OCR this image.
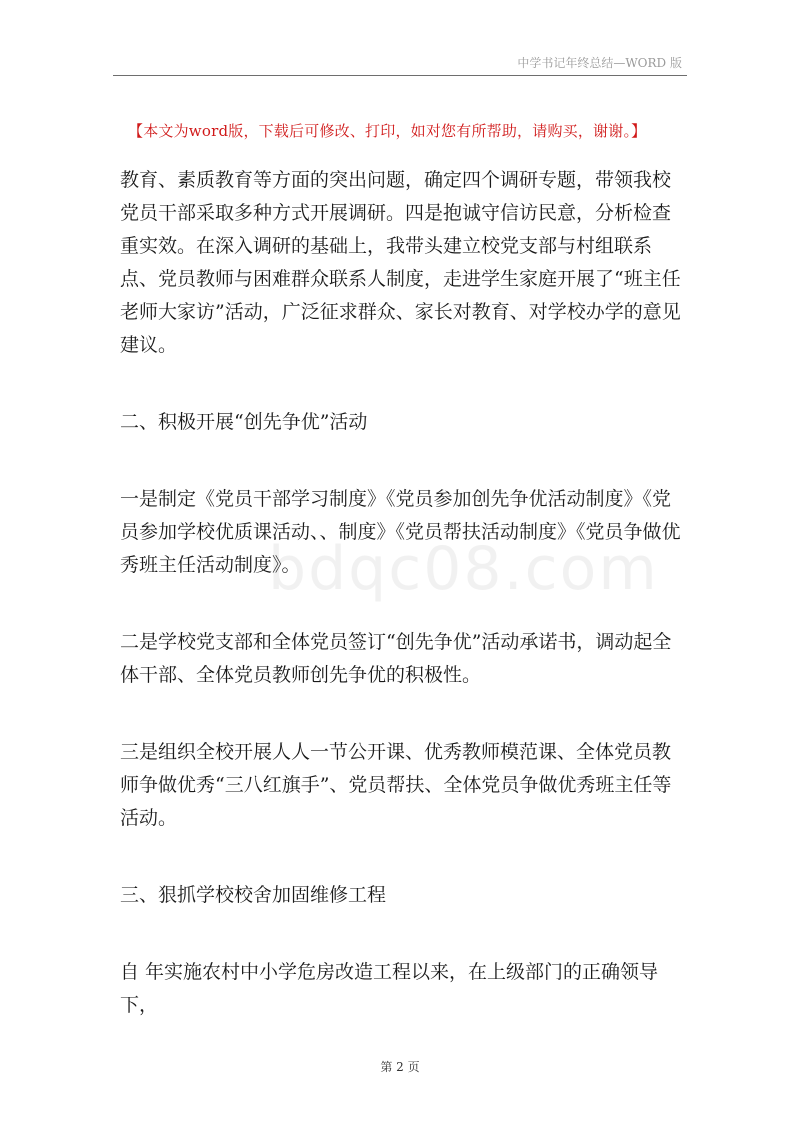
中学书记年终总结—WORD 版
【本文为word版，下载后可修改、打印，如对您有所帮助，请购买，谢谢。】
bdqc08.com

教育、素质教育等方面的突出问题，确定四个调研专题，带领我校党员干部采取多种方式开展调研。四是抱诚守信访民意，分析检查重实效。在深入调研的基础上，我带头建立校党支部与村组联系点、党员教师与困难群众联系人制度，走进学生家庭开展了“班主任老师大家访”活动，广泛征求群众、家长对教育、对学校办学的意见建议。

二、积极开展“创先争优”活动

一是制定《党员干部学习制度》《党员参加创先争优活动制度》《党员参加学校优质课活动、、制度》《党员帮扶活动制度》《党员争做优秀班主任活动制度》。

二是学校党支部和全体党员签订“创先争优”活动承诺书，调动起全体干部、全体党员教师创先争优的积极性。

三是组织全校开展人人一节公开课、优秀教师模范课、全体党员教师争做优秀“三八红旗手”、党员帮扶、全体党员争做优秀班主任等活动。

三、狠抓学校校舍加固维修工程

自 年实施农村中小学危房改造工程以来，在上级部门的正确领导下，

第 2 页
